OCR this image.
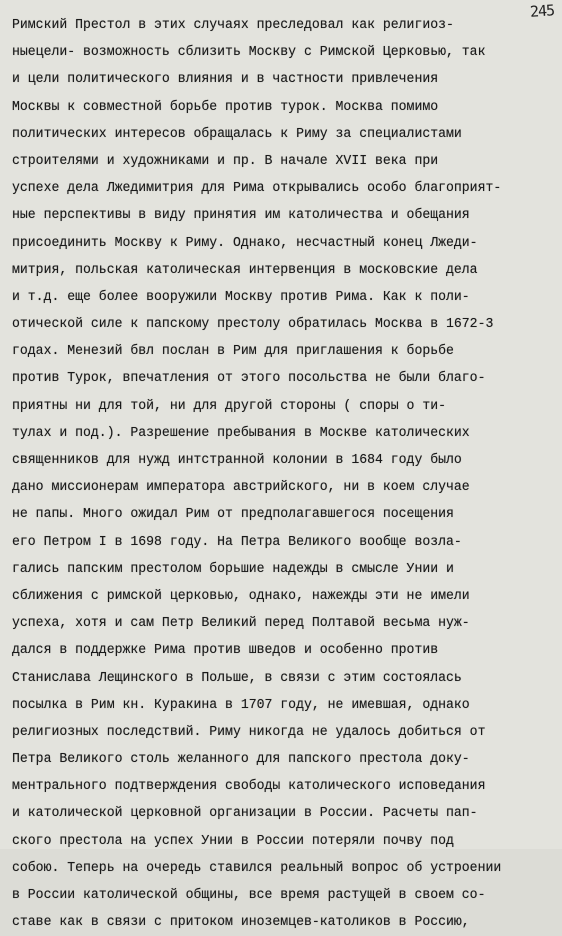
245
Римский Престол в этих случаях преследовал как религиоз-
ныецели- возможность сблизить Москву с Римской Церковью, так
и цели политического влияния и в частности привлечения
Москвы к совместной борьбе против турок. Москва помимо
политических интересов обращалась к Риму за специалистами
строителями и художниками и пр. В начале XVII века при
успехе дела Лжедимитрия для Рима открывались особо благоприят-
ные перспективы в виду принятия им католичества и обещания
присоединить Москву к Риму. Однако, несчастный конец Лжеди-
митрия, польская католическая интервенция в московские дела
и т.д. еще более вооружили Москву против Рима. Как к поли-
отической силе к папскому престолу обратилась Москва в 1672-3
годах. Менезий бвл послан в Рим для приглашения к борьбе
против Турок, впечатления от этого посольства не были благо-
приятны ни для той, ни для другой стороны ( споры о ти-
тулах и под.). Разрешение пребывания в Москве католических
священников для нужд интстранной колонии в 1684 году было
дано миссионерам императора австрийского, ни в коем случае
не папы. Много ожидал Рим от предполагавшегося посещения
его Петром I в 1698 году. На Петра Великого вообще возла-
гались папским престолом борьшие надежды в смысле Унии и
сближения с римской церковью, однако, нажежды эти не имели
успеха, хотя и сам Петр Великий перед Полтавой весьма нуж-
дался в поддержке Рима против шведов и особенно против
Станислава Лещинского в Польше, в связи с этим состоялась
посылка в Рим кн. Куракина в 1707 году, не имевшая, однако
религиозных последствий. Риму никогда не удалось добиться от
Петра Великого столь желанного для папского престола доку-
ментрального подтверждения свободы католического исповедания
и католической церковной организации в России. Расчеты пап-
ского престола на успех Унии в России потеряли почву под
собою. Теперь на очередь ставился реальный вопрос об устроении
в России католической общины, все время растущей в своем со-
ставе как в связи с притоком иноземцев-католиков в Россию,
